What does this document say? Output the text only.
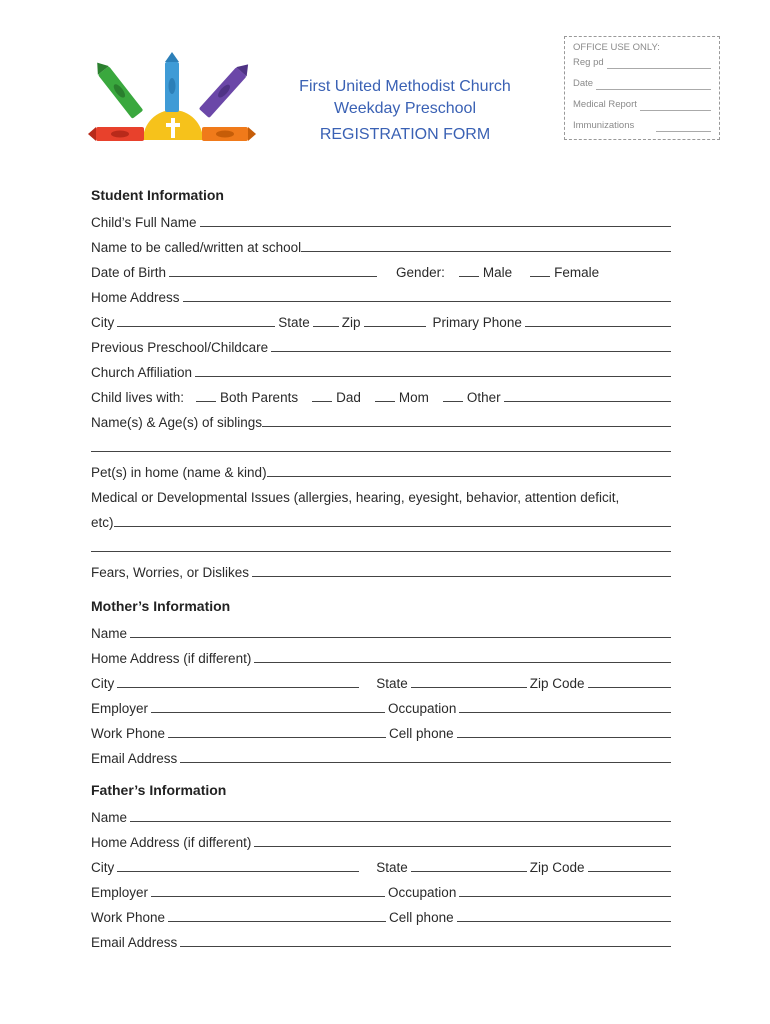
First United Methodist Church
Weekday Preschool
REGISTRATION FORM
OFFICE USE ONLY:
Reg pd
Date
Medical Report
Immunizations
Student Information
Child’s Full Name
Name to be called/written at school
Date of Birth	Gender:	Male	Female
Home Address
City	State Zip	Primary Phone
Previous Preschool/Childcare
Church Affiliation
Child lives with:	Both Parents	Dad	Mom	Other
Name(s) & Age(s) of siblings
Pet(s) in home (name & kind)
Medical or Developmental Issues (allergies, hearing, eyesight, behavior, attention deficit,
etc)
Fears, Worries, or Dislikes
Mother’s Information
Name
Home Address (if different)
City	State	Zip Code
Employer	Occupation
Work Phone	Cell phone
Email Address
Father’s Information
Name
Home Address (if different)
City	State	Zip Code
Employer	Occupation
Work Phone	Cell phone
Email Address
